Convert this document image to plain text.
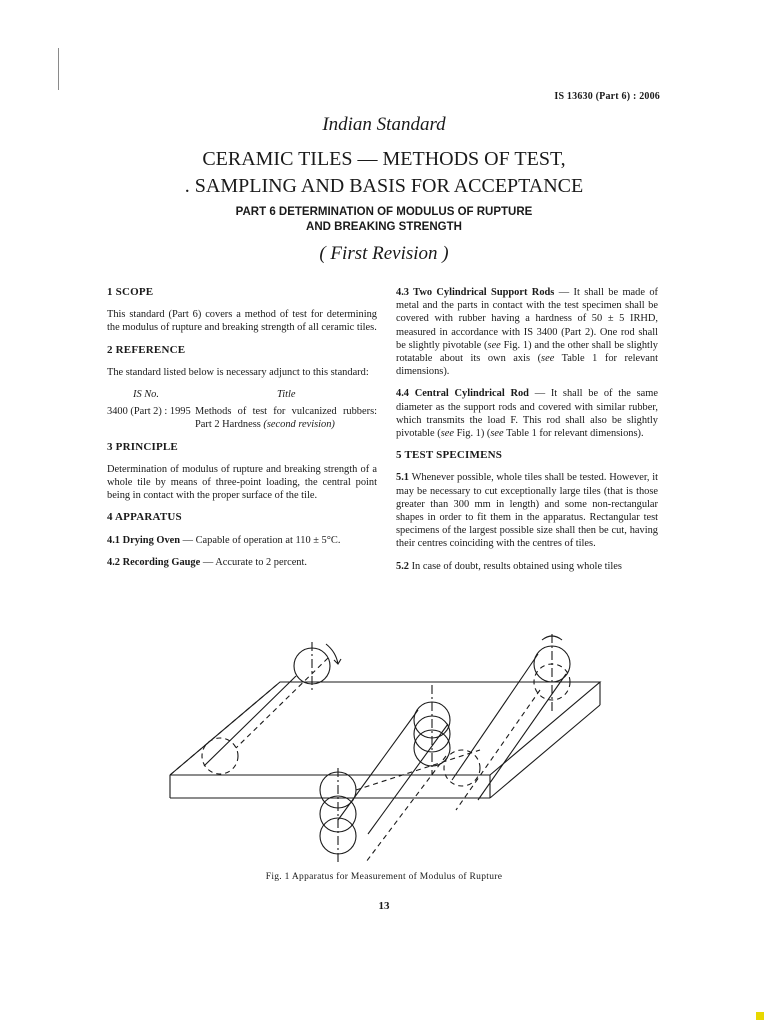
IS 13630 (Part 6) : 2006
Indian Standard
CERAMIC TILES — METHODS OF TEST,
. SAMPLING AND BASIS FOR ACCEPTANCE
PART 6 DETERMINATION OF MODULUS OF RUPTURE
AND BREAKING STRENGTH
( First Revision )
1 SCOPE

This standard (Part 6) covers a method of test for determining the modulus of rupture and breaking strength of all ceramic tiles.

2 REFERENCE

The standard listed below is necessary adjunct to this standard:

IS No.	Title
3400 (Part 2) : 1995 Methods of test for vulcanized rubbers: Part 2 Hardness (second revision)
3 PRINCIPLE

Determination of modulus of rupture and breaking strength of a whole tile by means of three-point loading, the central point being in contact with the proper surface of the tile.

4 APPARATUS

4.1 Drying Oven — Capable of operation at 110 ± 5°C.

4.2 Recording Gauge — Accurate to 2 percent.

4.3 Two Cylindrical Support Rods — It shall be made of metal and the parts in contact with the test specimen shall be covered with rubber having a hardness of 50 ± 5 IRHD, measured in accordance with IS 3400 (Part 2). One rod shall be slightly pivotable (see Fig. 1) and the other shall be slightly rotatable about its own axis (see Table 1 for relevant dimensions).

4.4 Central Cylindrical Rod — It shall be of the same diameter as the support rods and covered with similar rubber, which transmits the load F. This rod shall also be slightly pivotable (see Fig. 1) (see Table 1 for relevant dimensions).

5 TEST SPECIMENS

5.1 Whenever possible, whole tiles shall be tested. However, it may be necessary to cut exceptionally large tiles (that is those greater than 300 mm in length) and some non-rectangular shapes in order to fit them in the apparatus. Rectangular test specimens of the largest possible size shall then be cut, having their centres coinciding with the centres of tiles.

5.2 In case of doubt, results obtained using whole tiles

Fig. 1 Apparatus for Measurement of Modulus of Rupture
13
